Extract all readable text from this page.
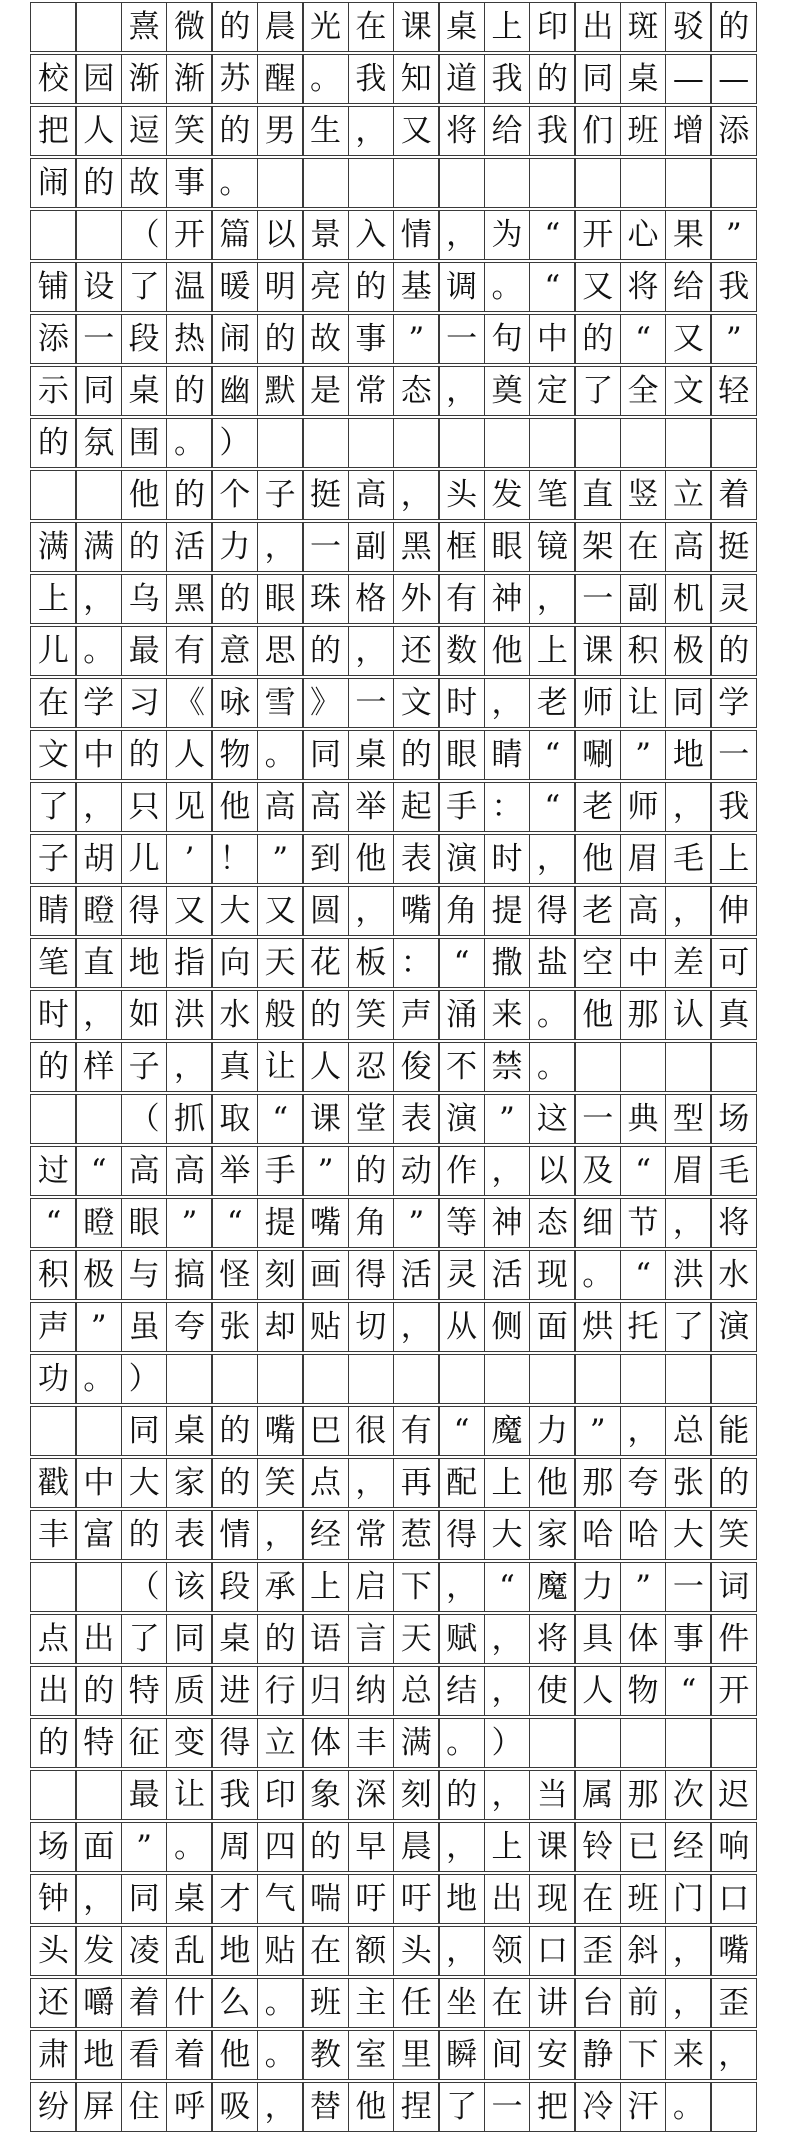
熹 微 的 晨 光 在 课 桌 上 印 出 斑 驳 的
校 园 渐 渐 苏 醒 。 我 知 道 我 的 同 桌 — —
把 人 逗 笑 的 男 生 ， 又 将 给 我 们 班 增 添
闹 的 故 事 。
（ 开 篇 以 景 入 情 ， 为 “ 开 心 果 ”
铺 设 了 温 暖 明 亮 的 基 调 。 “ 又 将 给 我
添 一 段 热 闹 的 故 事 ” 一 句 中 的 “ 又 ”
示 同 桌 的 幽 默 是 常 态 ， 奠 定 了 全 文 轻
的 氛 围 。 ）
他 的 个 子 挺 高 ， 头 发 笔 直 竖 立 着
满 满 的 活 力 ， 一 副 黑 框 眼 镜 架 在 高 挺
上 ， 乌 黑 的 眼 珠 格 外 有 神 ， 一 副 机 灵
儿 。 最 有 意 思 的 ， 还 数 他 上 课 积 极 的
在 学 习 《 咏 雪 》 一 文 时 ， 老 师 让 同 学
文 中 的 人 物 。 同 桌 的 眼 睛 “ 唰 ” 地 一
了 ， 只 见 他 高 高 举 起 手 ： “ 老 师 ， 我
子 胡 儿 ’ ！ ” 到 他 表 演 时 ， 他 眉 毛 上
睛 瞪 得 又 大 又 圆 ， 嘴 角 提 得 老 高 ， 伸
笔 直 地 指 向 天 花 板 ： “ 撒 盐 空 中 差 可
时 ， 如 洪 水 般 的 笑 声 涌 来 。 他 那 认 真
的 样 子 ， 真 让 人 忍 俊 不 禁 。
（ 抓 取 “ 课 堂 表 演 ” 这 一 典 型 场
过 “ 高 高 举 手 ” 的 动 作 ， 以 及 “ 眉 毛
“ 瞪 眼 ” “ 提 嘴 角 ” 等 神 态 细 节 ， 将
积 极 与 搞 怪 刻 画 得 活 灵 活 现 。 “ 洪 水
声 ” 虽 夸 张 却 贴 切 ， 从 侧 面 烘 托 了 演
功 。 ）
同 桌 的 嘴 巴 很 有 “ 魔 力 ” ， 总 能
戳 中 大 家 的 笑 点 ， 再 配 上 他 那 夸 张 的
丰 富 的 表 情 ， 经 常 惹 得 大 家 哈 哈 大 笑
（ 该 段 承 上 启 下 ， “ 魔 力 ” 一 词
点 出 了 同 桌 的 语 言 天 赋 ， 将 具 体 事 件
出 的 特 质 进 行 归 纳 总 结 ， 使 人 物 “ 开
的 特 征 变 得 立 体 丰 满 。 ）
最 让 我 印 象 深 刻 的 ， 当 属 那 次 迟
场 面 ” 。 周 四 的 早 晨 ， 上 课 铃 已 经 响
钟 ， 同 桌 才 气 喘 吁 吁 地 出 现 在 班 门 口
头 发 凌 乱 地 贴 在 额 头 ， 领 口 歪 斜 ， 嘴
还 嚼 着 什 么 。 班 主 任 坐 在 讲 台 前 ， 歪
肃 地 看 着 他 。 教 室 里 瞬 间 安 静 下 来 ，
纷 屏 住 呼 吸 ， 替 他 捏 了 一 把 冷 汗 。
